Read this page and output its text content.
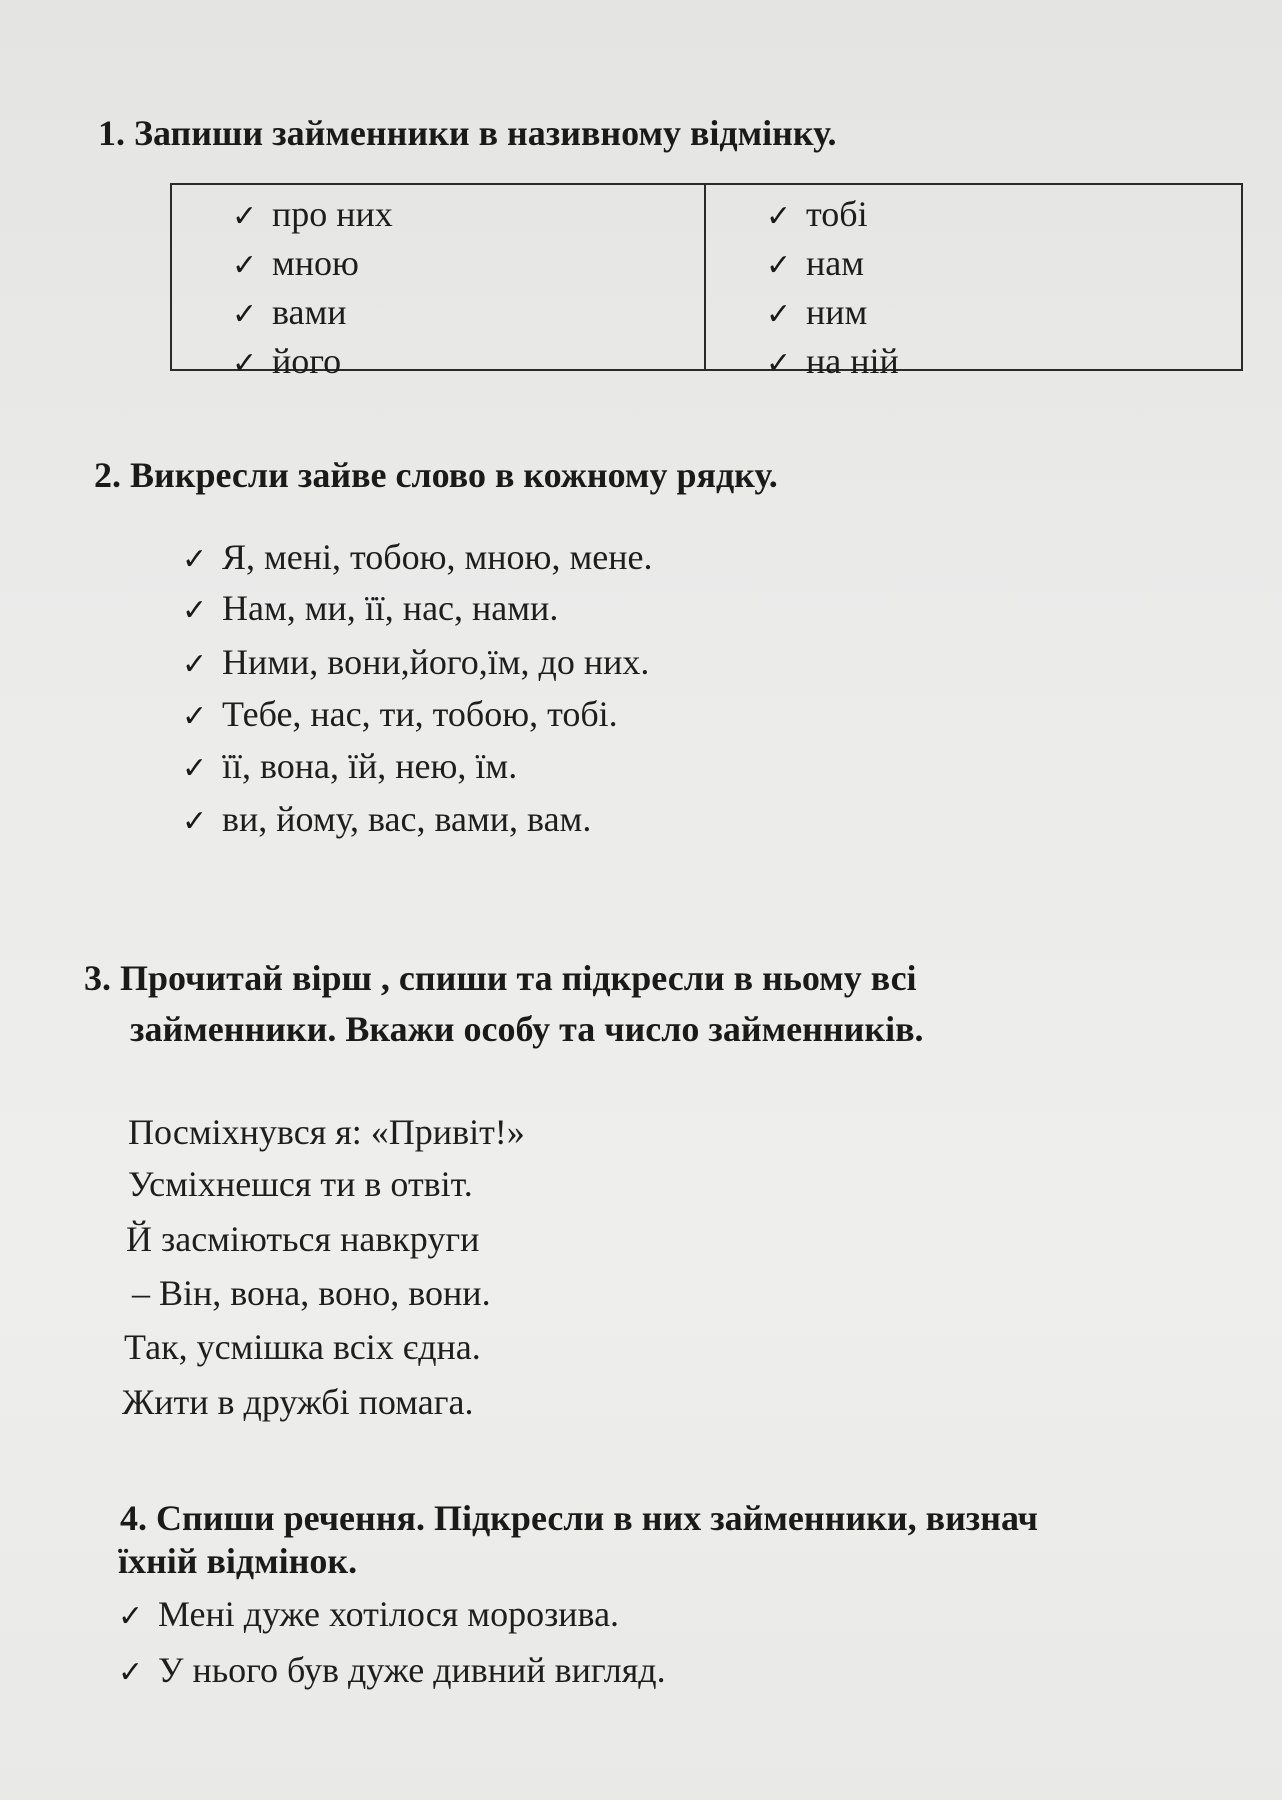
1. Запиши займенники в називному відмінку.
✓ про них
✓ мною
✓ вами
✓ його
✓ тобі
✓ нам
✓ ним
✓ на ній
2. Викресли зайве слово в кожному рядку.
✓ Я, мені, тобою, мною, мене.
✓ Нам, ми, її, нас, нами.
✓ Ними, вони,його,їм, до них.
✓ Тебе, нас, ти, тобою, тобі.
✓ її, вона, їй, нею, їм.
✓ ви, йому, вас, вами, вам.
3. Прочитай вірш , спиши та підкресли в ньому всі
займенники. Вкажи особу та число займенників.
Посміхнувся я: «Привіт!»
Усміхнешся ти в отвіт.
Й засміються навкруги
– Він, вона, воно, вони.
Так, усмішка всіх єдна.
Жити в дружбі помага.
4. Спиши речення. Підкресли в них займенники, визнач
їхній відмінок.
✓ Мені дуже хотілося морозива.
✓ У нього був дуже дивний вигляд.
